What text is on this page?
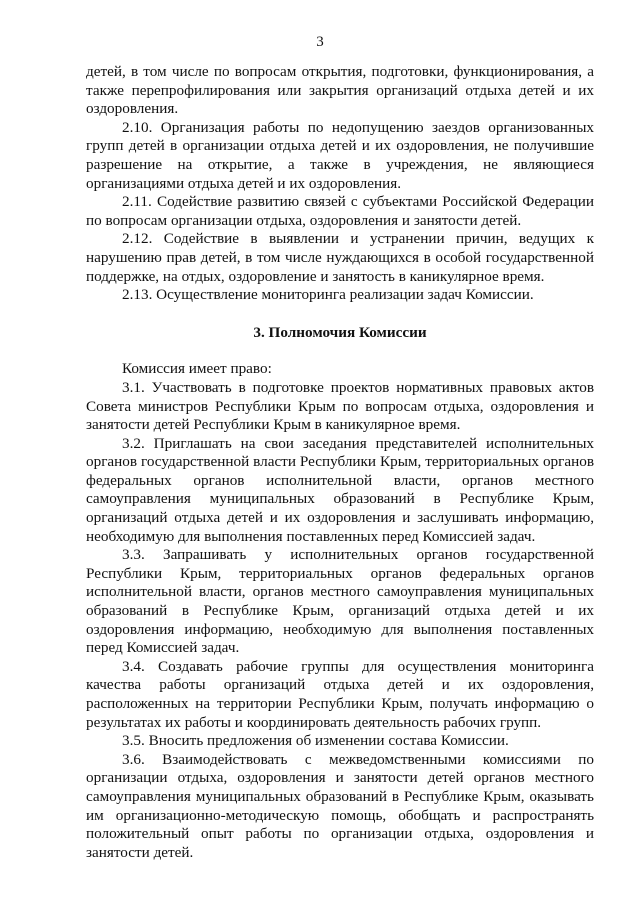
3

детей, в том числе по вопросам открытия, подготовки, функционирования, а также перепрофилирования или закрытия организаций отдыха детей и их оздоровления.

2.10. Организация работы по недопущению заездов организованных групп детей в организации отдыха детей и их оздоровления, не получившие разрешение на открытие, а также в учреждения, не являющиеся организациями отдыха детей и их оздоровления.

2.11. Содействие развитию связей с субъектами Российской Федерации по вопросам организации отдыха, оздоровления и занятости детей.

2.12. Содействие в выявлении и устранении причин, ведущих к нарушению прав детей, в том числе нуждающихся в особой государственной поддержке, на отдых, оздоровление и занятость в каникулярное время.

2.13. Осуществление мониторинга реализации задач Комиссии.

3. Полномочия Комиссии

Комиссия имеет право:

3.1. Участвовать в подготовке проектов нормативных правовых актов Совета министров Республики Крым по вопросам отдыха, оздоровления и занятости детей Республики Крым в каникулярное время.

3.2. Приглашать на свои заседания представителей исполнительных органов государственной власти Республики Крым, территориальных органов федеральных органов исполнительной власти, органов местного самоуправления муниципальных образований в Республике Крым, организаций отдыха детей и их оздоровления и заслушивать информацию, необходимую для выполнения поставленных перед Комиссией задач.

3.3. Запрашивать у исполнительных органов государственной Республики Крым, территориальных органов федеральных органов исполнительной власти, органов местного самоуправления муниципальных образований в Республике Крым, организаций отдыха детей и их оздоровления информацию, необходимую для выполнения поставленных перед Комиссией задач.

3.4. Создавать рабочие группы для осуществления мониторинга качества работы организаций отдыха детей и их оздоровления, расположенных на территории Республики Крым, получать информацию о результатах их работы и координировать деятельность рабочих групп.

3.5. Вносить предложения об изменении состава Комиссии.

3.6. Взаимодействовать с межведомственными комиссиями по организации отдыха, оздоровления и занятости детей органов местного самоуправления муниципальных образований в Республике Крым, оказывать им организационно-методическую помощь, обобщать и распространять положительный опыт работы по организации отдыха, оздоровления и занятости детей.
